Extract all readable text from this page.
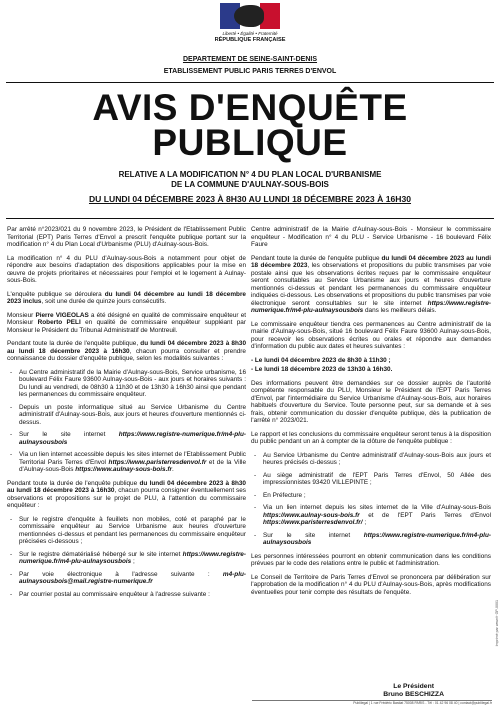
Liberté • Égalité • Fraternité
RÉPUBLIQUE FRANÇAISE
DEPARTEMENT DE SEINE-SAINT-DENIS
ETABLISSEMENT PUBLIC PARIS TERRES D'ENVOL
AVIS D'ENQUÊTE
PUBLIQUE
RELATIVE A LA MODIFICATION N° 4 DU PLAN LOCAL D'URBANISME
DE LA COMMUNE D'AULNAY-SOUS-BOIS
DU LUNDI 04 DÉCEMBRE 2023 À 8H30 AU LUNDI 18 DÉCEMBRE 2023 À 16H30

Par arrêté n°2023/021 du 9 novembre 2023, le Président de l'Etablissement Public Territorial (EPT) Paris Terres d'Envol a prescrit l'enquête publique portant sur la modification n° 4 du Plan Local d'Urbanisme (PLU) d'Aulnay-sous-Bois.

La modification n° 4 du PLU d'Aulnay-sous-Bois a notamment pour objet de répondre aux besoins d'adaptation des dispositions applicables pour la mise en œuvre de projets prioritaires et nécessaires pour l'emploi et le logement à Aulnay-sous-Bois.

L'enquête publique se déroulera du lundi 04 décembre au lundi 18 décembre 2023 inclus, soit une durée de quinze jours consécutifs.

Monsieur Pierre VIGEOLAS a été désigné en qualité de commissaire enquêteur et Monsieur Roberto PELI en qualité de commissaire enquêteur suppléant par Monsieur le Président du Tribunal Administratif de Montreuil.

Pendant toute la durée de l'enquête publique, du lundi 04 décembre 2023 à 8h30 au lundi 18 décembre 2023 à 16h30, chacun pourra consulter et prendre connaissance du dossier d'enquête publique, selon les modalités suivantes :

- Au Centre administratif de la Mairie d'Aulnay-sous-Bois, Service urbanisme, 16 boulevard Félix Faure 93600 Aulnay-sous-Bois - aux jours et horaires suivants : Du lundi au vendredi, de 08h30 à 11h30 et de 13h30 à 16h30 ainsi que pendant les permanences du commissaire enquêteur.
- Depuis un poste informatique situé au Service Urbanisme du Centre administratif d'Aulnay-sous-Bois, aux jours et heures d'ouverture mentionnés ci-dessus.
- Sur le site internet https://www.registre-numerique.fr/m4-plu-aulnaysousbois
- Via un lien internet accessible depuis les sites internet de l'Etablissement Public Territorial Paris Terres d'Envol https://www.paristerresdenvol.fr et de la Ville d'Aulnay-sous-Bois https://www.aulnay-sous-bois.fr.

Pendant toute la durée de l'enquête publique du lundi 04 décembre 2023 à 8h30 au lundi 18 décembre 2023 à 16h30, chacun pourra consigner éventuellement ses observations et propositions sur le projet de PLU, à l'attention du commissaire enquêteur :

- Sur le registre d'enquête à feuillets non mobiles, coté et paraphé par le commissaire enquêteur au Service Urbanisme aux heures d'ouverture mentionnées ci-dessus et pendant les permanences du commissaire enquêteur précisées ci-dessous ;
- Sur le registre dématérialisé hébergé sur le site internet https://www.registre-numerique.fr/m4-plu-aulnaysousbois ;
- Par voie électronique à l'adresse suivante : m4-plu-aulnaysousbois@mail.registre-numerique.fr
- Par courrier postal au commissaire enquêteur à l'adresse suivante :

Centre administratif de la Mairie d'Aulnay-sous-Bois - Monsieur le commissaire enquêteur - Modification n° 4 du PLU - Service Urbanisme - 16 boulevard Félix Faure

Pendant toute la durée de l'enquête publique du lundi 04 décembre 2023 au lundi 18 décembre 2023, les observations et propositions du public transmises par voie postale ainsi que les observations écrites reçues par le commissaire enquêteur seront consultables au Service Urbanisme aux jours et heures d'ouverture mentionnés ci-dessus et pendant les permanences du commissaire enquêteur indiquées ci-dessous. Les observations et propositions du public transmises par voie électronique seront consultables sur le site internet https://www.registre-numerique.fr/m4-plu-aulnaysousbois dans les meilleurs délais.

Le commissaire enquêteur tiendra ces permanences au Centre administratif de la mairie d'Aulnay-sous-Bois, situé 16 boulevard Félix Faure 93600 Aulnay-sous-Bois, pour recevoir les observations écrites ou orales et répondre aux demandes d'information du public aux dates et heures suivantes :

- Le lundi 04 décembre 2023 de 8h30 à 11h30 ;
- Le lundi 18 décembre 2023 de 13h30 à 16h30.

Des informations peuvent être demandées sur ce dossier auprès de l'autorité compétente responsable du PLU, Monsieur le Président de l'EPT Paris Terres d'Envol, par l'intermédiaire du Service Urbanisme d'Aulnay-sous-Bois, aux horaires habituels d'ouverture du Service. Toute personne peut, sur sa demande et à ses frais, obtenir communication du dossier d'enquête publique, dès la publication de l'arrêté n° 2023/021.

Le rapport et les conclusions du commissaire enquêteur seront tenus à la disposition du public pendant un an à compter de la clôture de l'enquête publique :

- Au Service Urbanisme du Centre administratif d'Aulnay-sous-Bois aux jours et heures précisés ci-dessus ;
- Au siège administratif de l'EPT Paris Terres d'Envol, 50 Allée des impressionnistes 93420 VILLEPINTE ;
- En Préfecture ;
- Via un lien internet depuis les sites internet de la Ville d'Aulnay-sous-Bois https://www.aulnay-sous-bois.fr et de l'EPT Paris Terres d'Envol https://www.paristerresdenvol.fr/ ;
- Sur le site internet https://www.registre-numerique.fr/m4-plu-aulnaysousbois

Les personnes intéressées pourront en obtenir communication dans les conditions prévues par le code des relations entre le public et l'administration.

Le Conseil de Territoire de Paris Terres d'Envol se prononcera par délibération sur l'approbation de la modification n° 4 du PLU d'Aulnay-sous-Bois, après modifications éventuelles pour tenir compte des résultats de l'enquête.

Le Président
Bruno BESCHIZZA
Imprimé par www.fr GP-0001
Publilegal | 1 rue Frédéric Bastiat 75008 PARIS - Tél : 01 42 96 08 40 | contact@publilegal.fr
